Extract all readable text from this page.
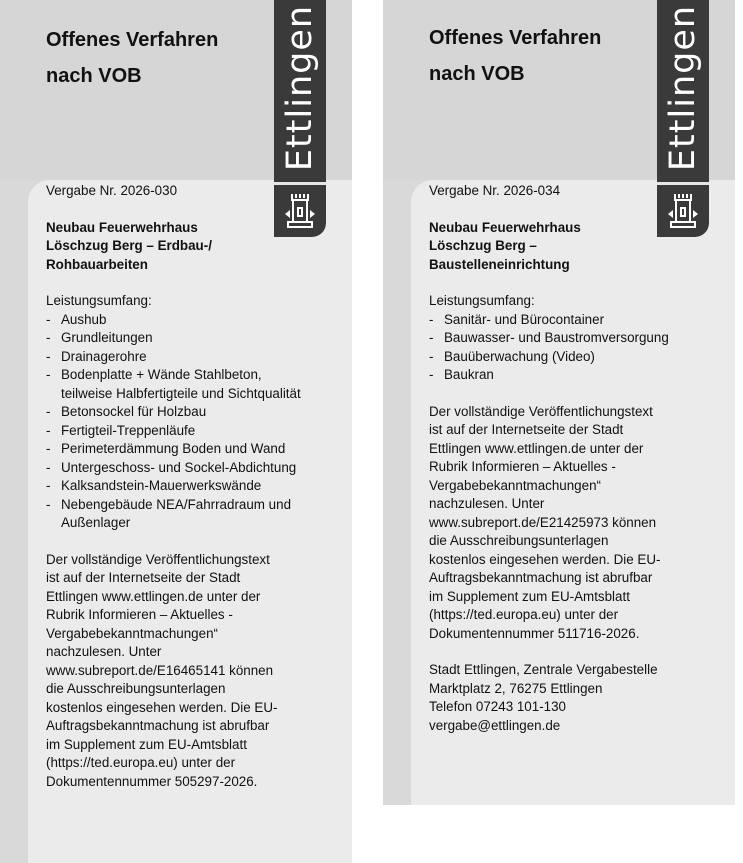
Offenes Verfahren
nach VOB	Ettlingen

Vergabe Nr. 2026-030

Neubau Feuerwehrhaus
Löschzug Berg – Erdbau-/
Rohbauarbeiten

Leistungsumfang:

- Aushub
- Grundleitungen
- Drainagerohre
- Bodenplatte + Wände Stahlbeton, teilweise Halbfertigteile und Sichtqualität
- Betonsockel für Holzbau
- Fertigteil-Treppenläufe
- Perimeterdämmung Boden und Wand
- Untergeschoss- und Sockel-Abdichtung
- Kalksandstein-Mauerwerkswände
- Nebengebäude NEA/Fahrradraum und Außenlager

Der vollständige Veröffentlichungstext
ist auf der Internetseite der Stadt
Ettlingen www.ettlingen.de unter der
Rubrik Informieren – Aktuelles -
Vergabebekanntmachungen“
nachzulesen. Unter
www.subreport.de/E16465141 können
die Ausschreibungsunterlagen
kostenlos eingesehen werden. Die EU-
Auftragsbekanntmachung ist abrufbar
im Supplement zum EU-Amtsblatt
(https://ted.europa.eu) unter der
Dokumentennummer 505297-2026.

Offenes Verfahren
nach VOB	Ettlingen

Vergabe Nr. 2026-034

Neubau Feuerwehrhaus
Löschzug Berg –
Baustelleneinrichtung

Leistungsumfang:

- Sanitär- und Bürocontainer
- Bauwasser- und Baustromversorgung
- Bauüberwachung (Video)
- Baukran

Der vollständige Veröffentlichungstext
ist auf der Internetseite der Stadt
Ettlingen www.ettlingen.de unter der
Rubrik Informieren – Aktuelles -
Vergabebekanntmachungen“
nachzulesen. Unter
www.subreport.de/E21425973 können
die Ausschreibungsunterlagen
kostenlos eingesehen werden. Die EU-
Auftragsbekanntmachung ist abrufbar
im Supplement zum EU-Amtsblatt
(https://ted.europa.eu) unter der
Dokumentennummer 511716-2026.

Stadt Ettlingen, Zentrale Vergabestelle
Marktplatz 2, 76275 Ettlingen
Telefon 07243 101-130
vergabe@ettlingen.de
